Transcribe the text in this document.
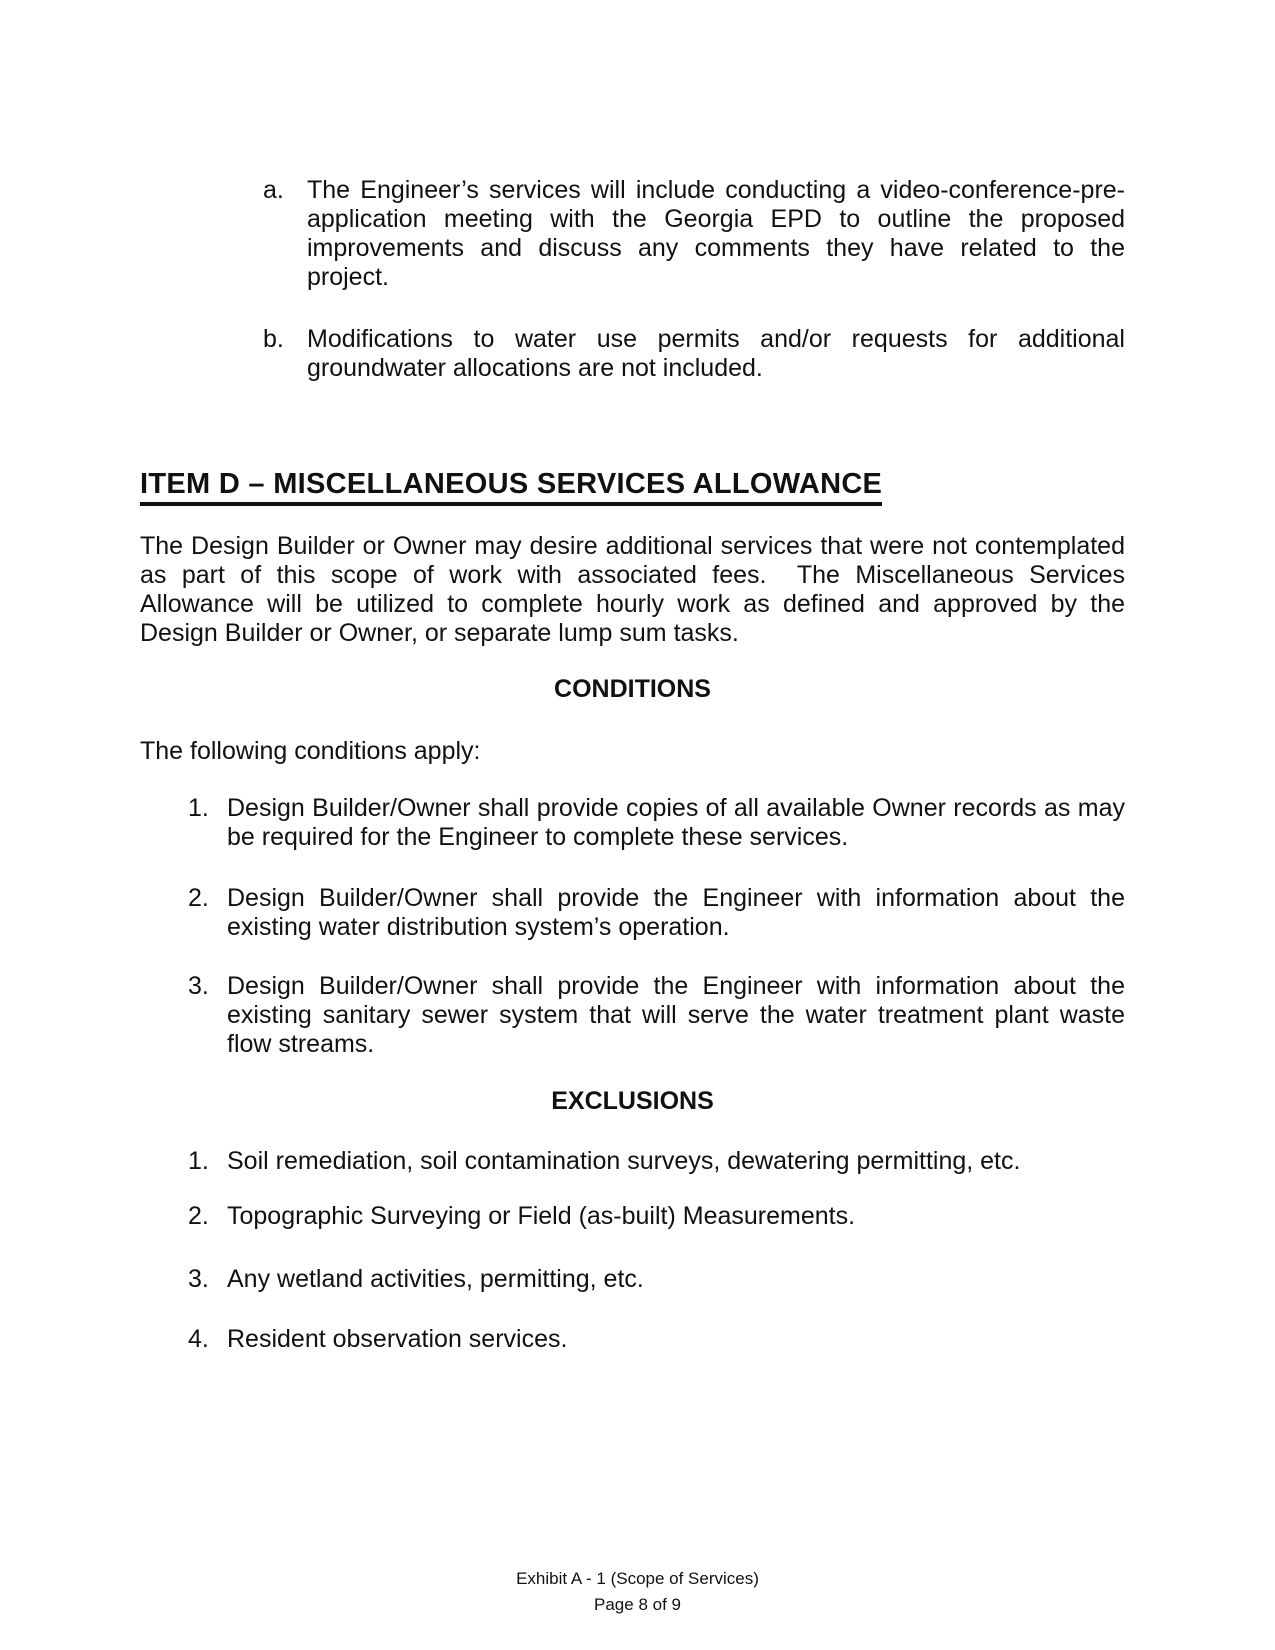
a. The Engineer’s services will include conducting a video-conference-pre-application meeting with the Georgia EPD to outline the proposed improvements and discuss any comments they have related to the project.
b. Modifications to water use permits and/or requests for additional groundwater allocations are not included.
ITEM D – MISCELLANEOUS SERVICES ALLOWANCE

The Design Builder or Owner may desire additional services that were not contemplated as part of this scope of work with associated fees.  The Miscellaneous Services Allowance will be utilized to complete hourly work as defined and approved by the Design Builder or Owner, or separate lump sum tasks.

CONDITIONS

The following conditions apply:

1. Design Builder/Owner shall provide copies of all available Owner records as may  be required for the Engineer to complete these services.
2. Design Builder/Owner shall provide the Engineer with information about the existing water distribution system’s operation.
3. Design Builder/Owner shall provide the Engineer with information about the existing sanitary sewer system that will serve the water treatment plant waste  flow streams.
EXCLUSIONS
1. Soil remediation, soil contamination surveys, dewatering permitting, etc.
2. Topographic Surveying or Field (as-built) Measurements.
3. Any wetland activities, permitting, etc.
4. Resident observation services.
Exhibit A - 1 (Scope of Services)
Page 8 of 9
